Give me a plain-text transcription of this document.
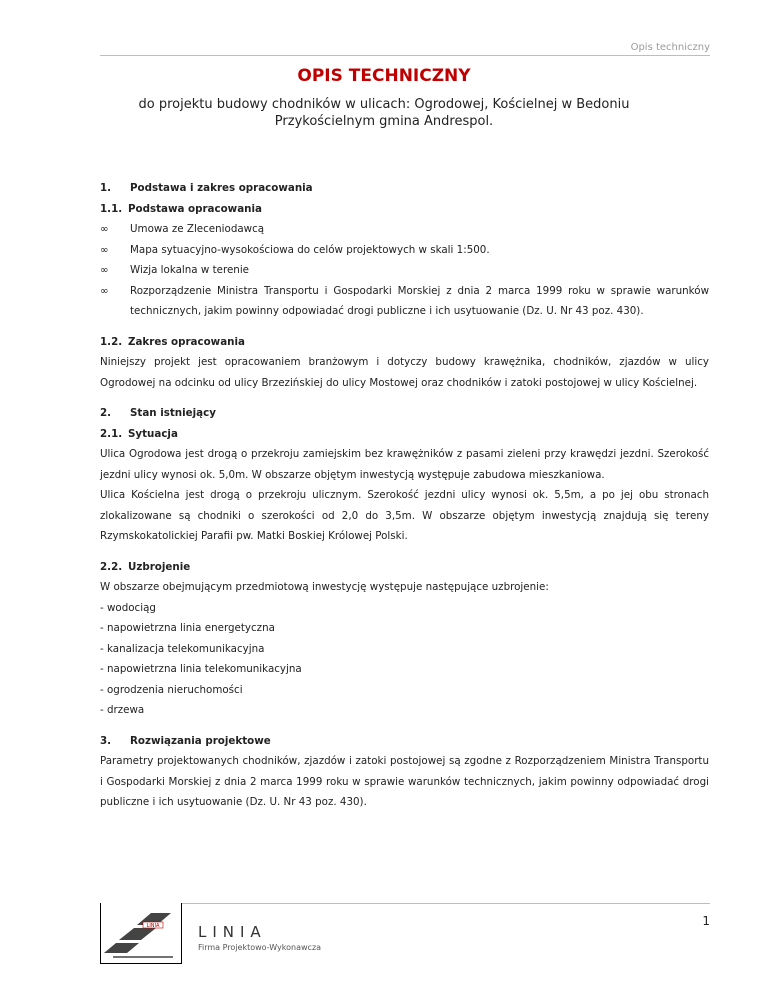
Opis techniczny
OPIS TECHNICZNY
do projektu budowy chodników w ulicach: Ogrodowej, Kościelnej w Bedoniu
Przykościelnym gmina Andrespol.
1. Podstawa i zakres opracowania
1.1. Podstawa opracowania
∞ Umowa ze Zleceniodawcą
∞ Mapa sytuacyjno-wysokościowa do celów projektowych w skali 1:500.
∞ Wizja lokalna w terenie
∞ Rozporządzenie Ministra Transportu i Gospodarki Morskiej z dnia 2 marca 1999 roku w sprawie warunków technicznych, jakim powinny odpowiadać drogi publiczne i ich usytuowanie (Dz. U. Nr 43 poz. 430).
1.2. Zakres opracowania

Niniejszy projekt jest opracowaniem branżowym i dotyczy budowy krawężnika, chodników, zjazdów w ulicy Ogrodowej na odcinku od ulicy Brzezińskiej do ulicy Mostowej oraz chodników i zatoki postojowej w ulicy Kościelnej.

2. Stan istniejący
2.1. Sytuacja

Ulica Ogrodowa jest drogą o przekroju zamiejskim bez krawężników z pasami zieleni przy krawędzi jezdni. Szerokość jezdni ulicy wynosi ok. 5,0m. W obszarze objętym inwestycją występuje zabudowa mieszkaniowa.

Ulica Kościelna jest drogą o przekroju ulicznym. Szerokość jezdni ulicy wynosi ok. 5,5m, a po jej obu stronach zlokalizowane są chodniki o szerokości od 2,0 do 3,5m. W obszarze objętym inwestycją znajdują się tereny Rzymskokatolickiej Parafii pw. Matki Boskiej Królowej Polski.

2.2. Uzbrojenie

W obszarze obejmującym przedmiotową inwestycję występuje następujące uzbrojenie:

- wodociąg
- napowietrzna linia energetyczna
- kanalizacja telekomunikacyjna
- napowietrzna linia telekomunikacyjna
- ogrodzenia nieruchomości
- drzewa
3. Rozwiązania projektowe

Parametry projektowanych chodników, zjazdów i zatoki postojowej są zgodne z Rozporządzeniem Ministra Transportu i Gospodarki Morskiej z dnia 2 marca 1999 roku w sprawie warunków technicznych, jakim powinny odpowiadać drogi publiczne i ich usytuowanie (Dz. U. Nr 43 poz. 430).

LINIA	LINIA
Firma Projektowo-Wykonawcza
1
